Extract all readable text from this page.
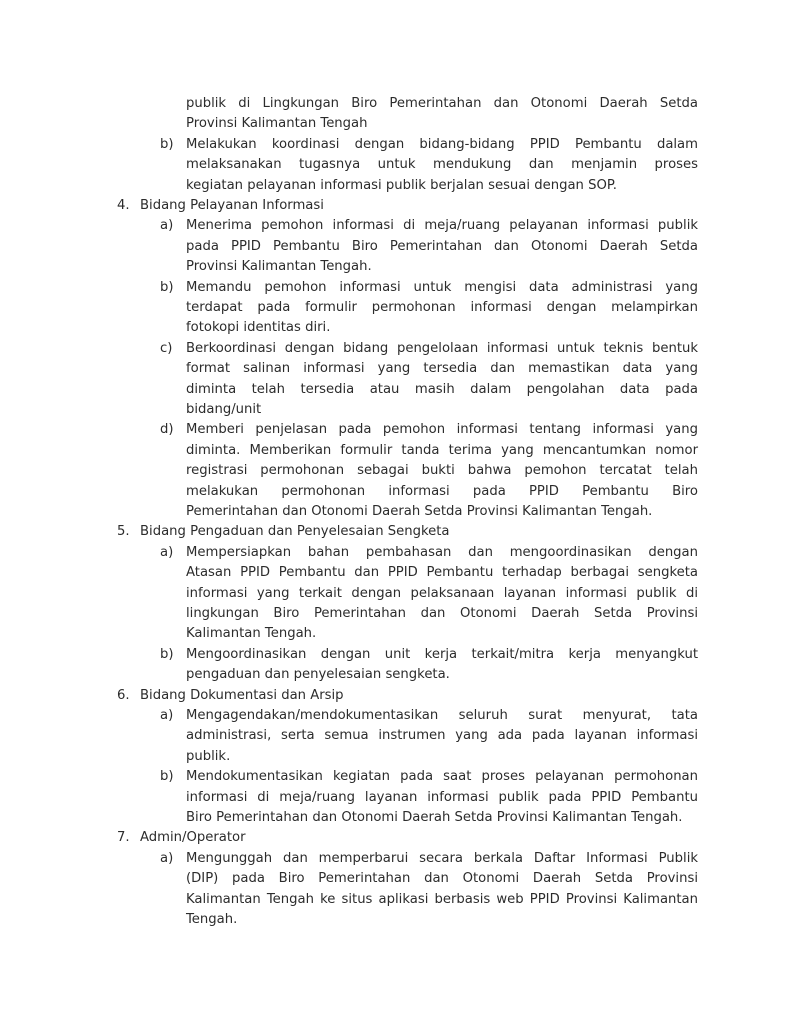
publik di Lingkungan Biro Pemerintahan dan Otonomi Daerah Setda
Provinsi Kalimantan Tengah
b) Melakukan koordinasi dengan bidang-bidang PPID Pembantu dalam
melaksanakan tugasnya untuk mendukung dan menjamin proses
kegiatan pelayanan informasi publik berjalan sesuai dengan SOP.
4. Bidang Pelayanan Informasi
a) Menerima pemohon informasi di meja/ruang pelayanan informasi publik
pada PPID Pembantu Biro Pemerintahan dan Otonomi Daerah Setda
Provinsi Kalimantan Tengah.
b) Memandu pemohon informasi untuk mengisi data administrasi yang
terdapat pada formulir permohonan informasi dengan melampirkan
fotokopi identitas diri.
c) Berkoordinasi dengan bidang pengelolaan informasi untuk teknis bentuk
format salinan informasi yang tersedia dan memastikan data yang
diminta telah tersedia atau masih dalam pengolahan data pada
bidang/unit
d) Memberi penjelasan pada pemohon informasi tentang informasi yang
diminta. Memberikan formulir tanda terima yang mencantumkan nomor
registrasi permohonan sebagai bukti bahwa pemohon tercatat telah
melakukan permohonan informasi pada PPID Pembantu Biro
Pemerintahan dan Otonomi Daerah Setda Provinsi Kalimantan Tengah.
5. Bidang Pengaduan dan Penyelesaian Sengketa
a) Mempersiapkan bahan pembahasan dan mengoordinasikan dengan
Atasan PPID Pembantu dan PPID Pembantu terhadap berbagai sengketa
informasi yang terkait dengan pelaksanaan layanan informasi publik di
lingkungan Biro Pemerintahan dan Otonomi Daerah Setda Provinsi
Kalimantan Tengah.
b) Mengoordinasikan dengan unit kerja terkait/mitra kerja menyangkut
pengaduan dan penyelesaian sengketa.
6. Bidang Dokumentasi dan Arsip
a) Mengagendakan/mendokumentasikan seluruh surat menyurat, tata
administrasi, serta semua instrumen yang ada pada layanan informasi
publik.
b) Mendokumentasikan kegiatan pada saat proses pelayanan permohonan
informasi di meja/ruang layanan informasi publik pada PPID Pembantu
Biro Pemerintahan dan Otonomi Daerah Setda Provinsi Kalimantan Tengah.
7. Admin/Operator
a) Mengunggah dan memperbarui secara berkala Daftar Informasi Publik
(DIP) pada Biro Pemerintahan dan Otonomi Daerah Setda Provinsi
Kalimantan Tengah ke situs aplikasi berbasis web PPID Provinsi Kalimantan
Tengah.
